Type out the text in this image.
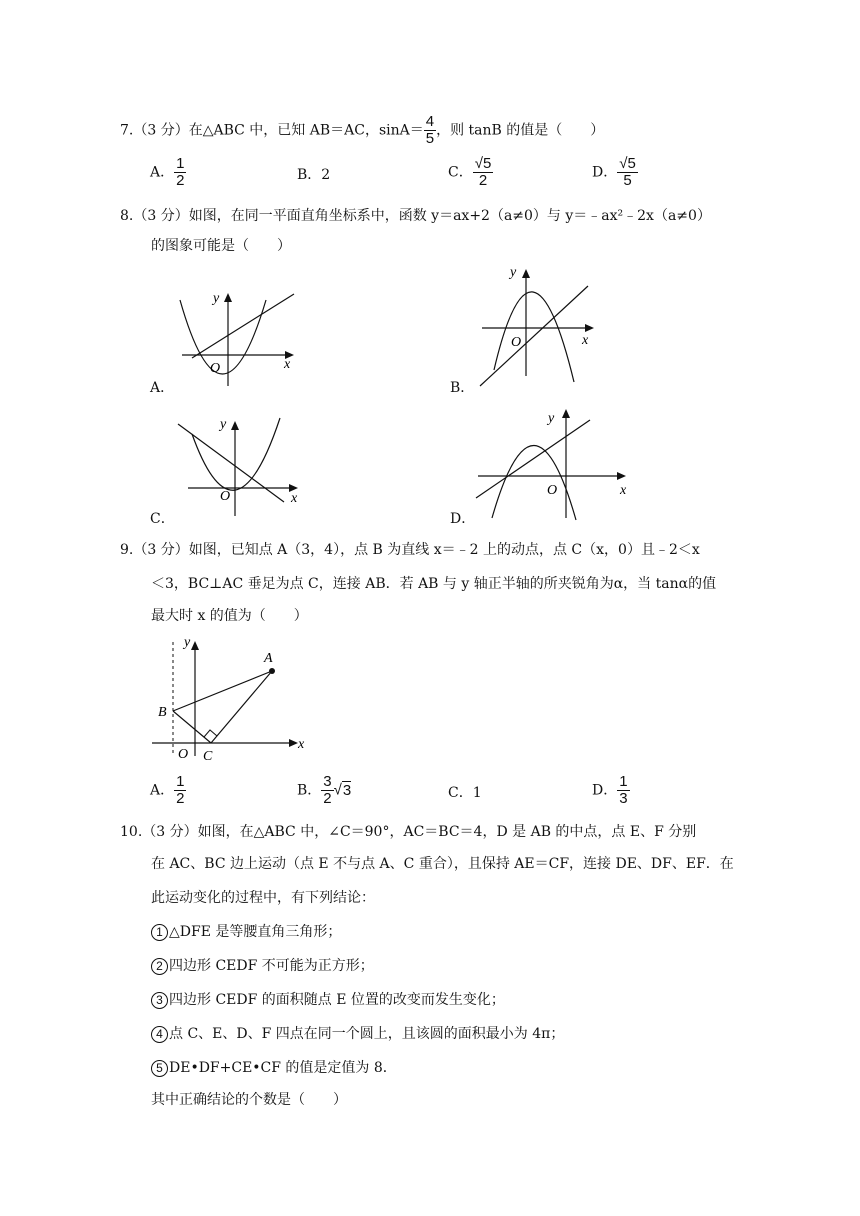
7.（3 分）在△ABC 中，已知 AB＝AC，$\sin A= \frac{4}{5}$ ，则 tanB 的值是（　　）
A． $\frac{1}{2}$	B．2	C． $\frac{√5}{2}$	D． $\frac{√5}{5}$
8.（3 分）如图，在同一平面直角坐标系中，函数 y＝ax+2（a≠0）与 y＝﹣ax²﹣2x（a≠0）
的图象可能是（　　）
y
x
O
A．
y
x
O
B．
y
x
O
C．
y
x
O
D．
9.（3 分）如图，已知点 A（3，4），点 B 为直线 x＝﹣2 上的动点，点 C（x，0）且﹣2＜x
＜3，BC⊥AC 垂足为点 C，连接 AB．若 AB 与 y 轴正半轴的所夹锐角为α，当 tanα的值
最大时 x 的值为（　　）
y
A
B
O C
x
A． $\frac{1}{2}$	B． $\frac{3}{2} √3$	C．1	D． $\frac{1}{3}$
10.（3 分）如图，在△ABC 中，∠C＝90°，AC＝BC＝4，D 是 AB 的中点，点 E、F 分别
在 AC、BC 边上运动（点 E 不与点 A、C 重合），且保持 AE＝CF，连接 DE、DF、EF．在
此运动变化的过程中，有下列结论：
1 △DFE 是等腰直角三角形；
2 四边形 CEDF 不可能为正方形；
3 四边形 CEDF 的面积随点 E 位置的改变而发生变化；
4 点 C、E、D、F 四点在同一个圆上，且该圆的面积最小为 4π；
5 DE•DF+CE•CF 的值是定值为 8．
其中正确结论的个数是（　　）
